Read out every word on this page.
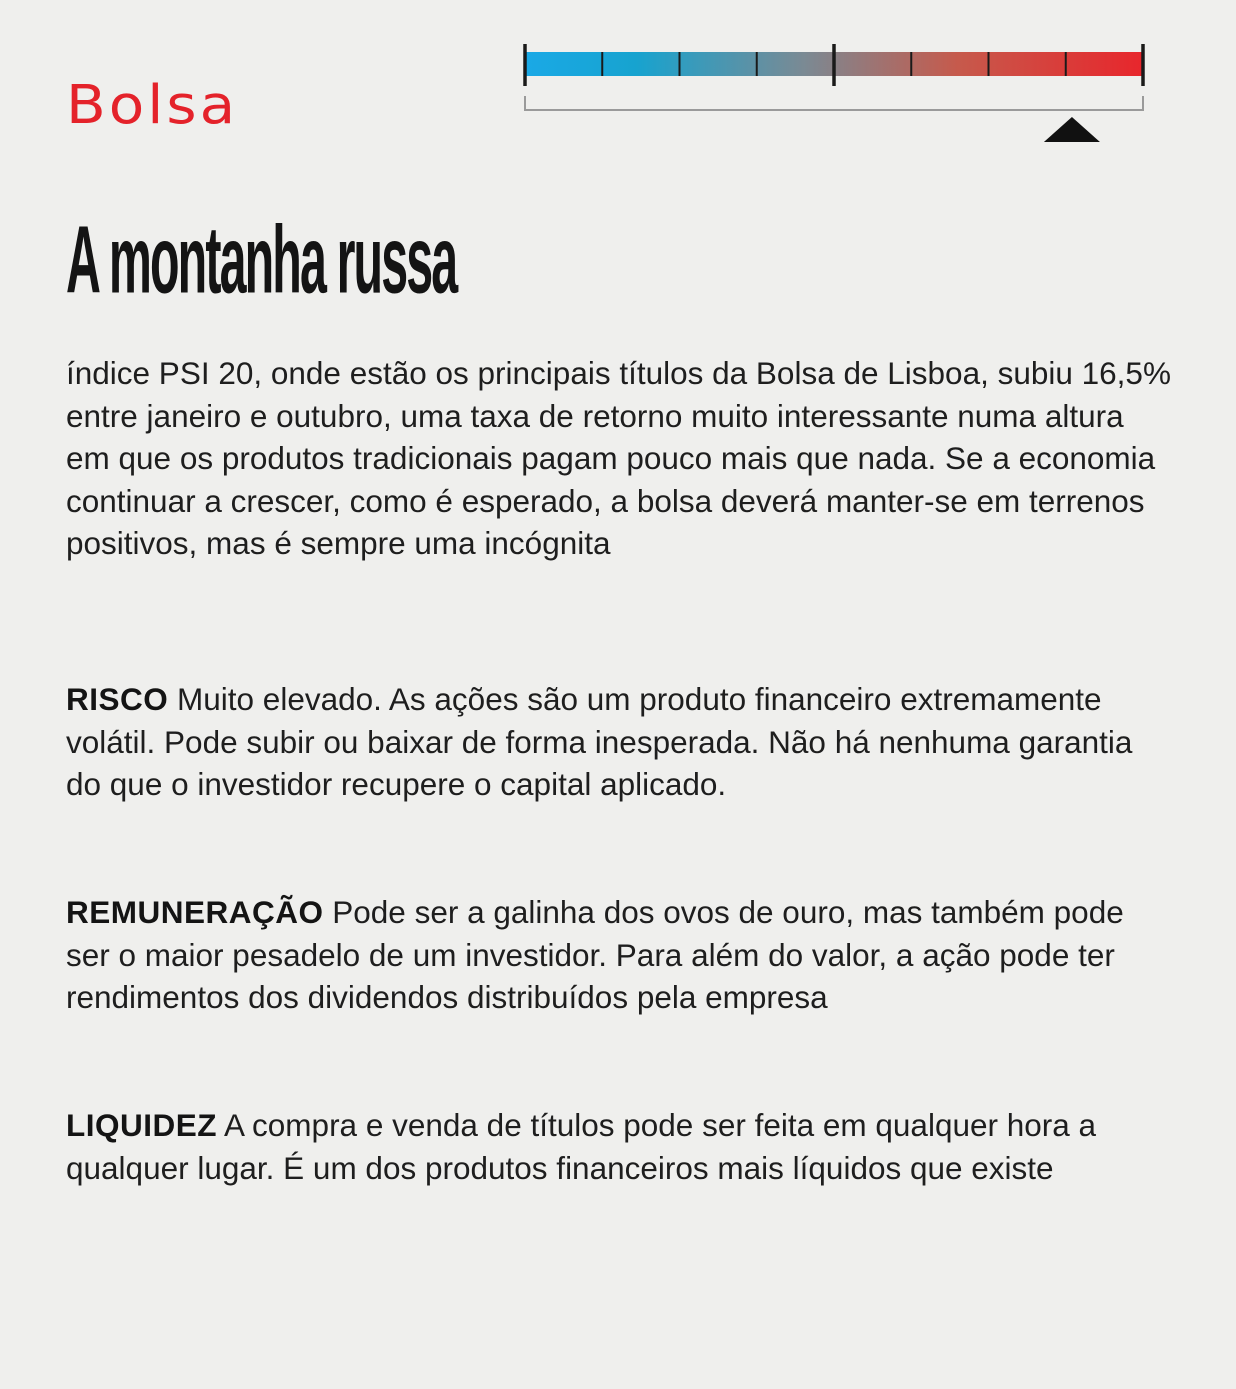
Bolsa
A montanha russa

índice PSI 20, onde estão os principais títulos da Bolsa de Lisboa, subiu 16,5% entre janeiro e outubro, uma taxa de retorno muito interessante numa altura em que os produtos tradicionais pagam pouco mais que nada. Se a economia continuar a crescer, como é esperado, a bolsa deverá manter-se em terrenos positivos, mas é sempre uma incógnita

RISCO Muito elevado. As ações são um produto financeiro extremamente volátil. Pode subir ou baixar de forma inesperada. Não há nenhuma garantia do que o investidor recupere o capital aplicado.

REMUNERAÇÃO Pode ser a galinha dos ovos de ouro, mas também pode ser o maior pesadelo de um investidor. Para além do valor, a ação pode ter rendimentos dos dividendos distribuídos pela empresa

LIQUIDEZ A compra e venda de títulos pode ser feita em qualquer hora a qualquer lugar. É um dos produtos financeiros mais líquidos que existe
